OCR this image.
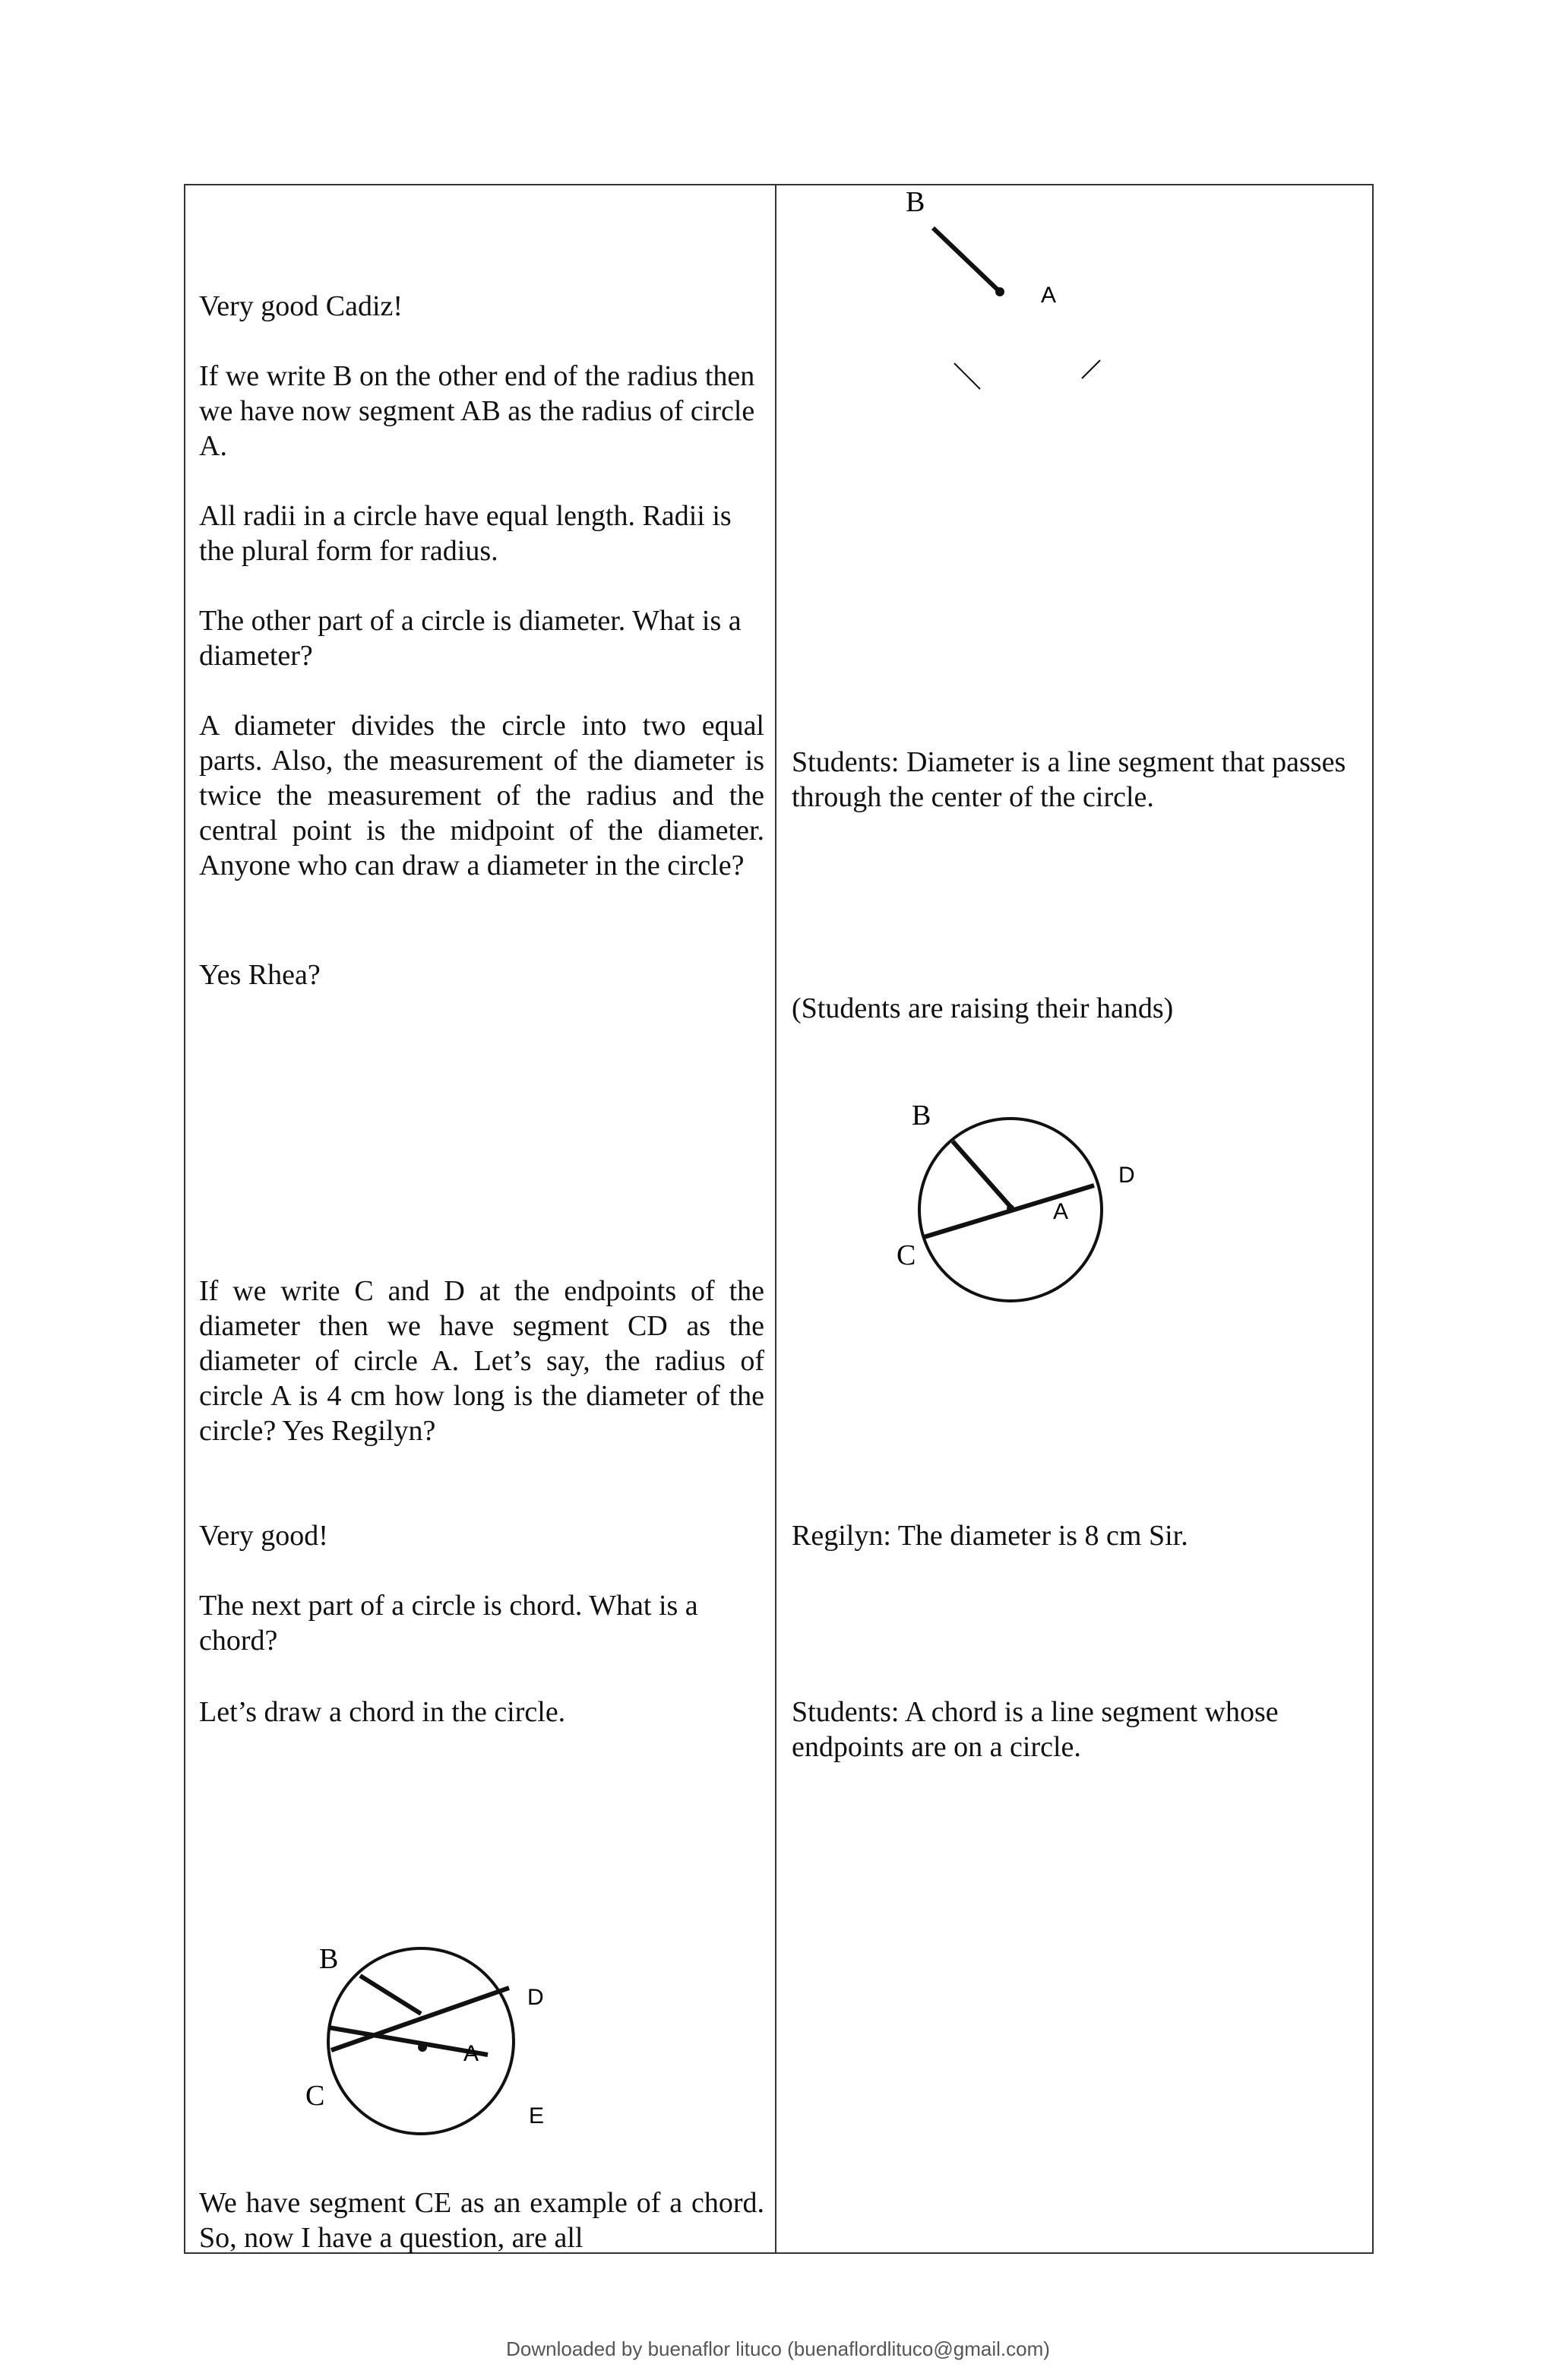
Very good Cadiz!

If we write B on the other end of the radius then we have now segment AB as the radius of circle A.

All radii in a circle have equal length. Radii is the plural form for radius.

The other part of a circle is diameter. What is a diameter?

A diameter divides the circle into two equal parts. Also, the measurement of the diameter is twice the measurement of the radius and the central point is the midpoint of the diameter. Anyone who can draw a diameter in the circle?

Yes Rhea?

If we write C and D at the endpoints of the diameter then we have segment CD as the diameter of circle A. Let’s say, the radius of circle A is 4 cm how long is the diameter of the circle? Yes Regilyn?

Very good!

The next part of a circle is chord. What is a chord?

Let’s draw a chord in the circle.

We have segment CE as an example of a chord. So, now I have a question, are all

Students: Diameter is a line segment that passes through the center of the circle.

(Students are raising their hands)

Regilyn: The diameter is 8 cm Sir.

Students: A chord is a line segment whose endpoints are on a circle.

B
A
B
D
A
C
B
D
A
C
E
Downloaded by buenaflor lituco (buenaflordlituco@gmail.com)
